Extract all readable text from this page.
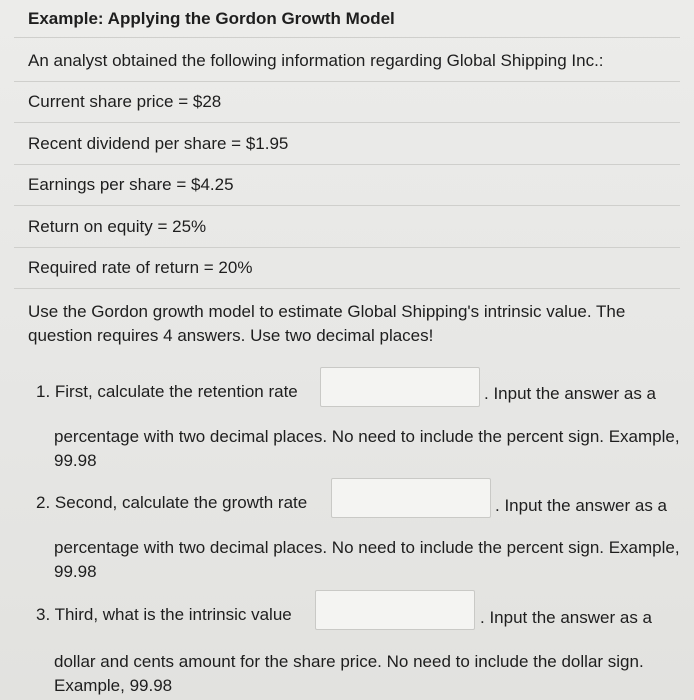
Example: Applying the Gordon Growth Model
An analyst obtained the following information regarding Global Shipping Inc.:
Current share price = $28
Recent dividend per share = $1.95
Earnings per share = $4.25
Return on equity = 25%
Required rate of return = 20%
Use the Gordon growth model to estimate Global Shipping's intrinsic value. The question requires 4 answers. Use two decimal places!
1. First, calculate the retention rate	. Input the answer as a
percentage with two decimal places. No need to include the percent sign. Example, 99.98
2. Second, calculate the growth rate	. Input the answer as a
percentage with two decimal places. No need to include the percent sign. Example, 99.98
3. Third, what is the intrinsic value	. Input the answer as a
dollar and cents amount for the share price. No need to include the dollar sign. Example, 99.98
